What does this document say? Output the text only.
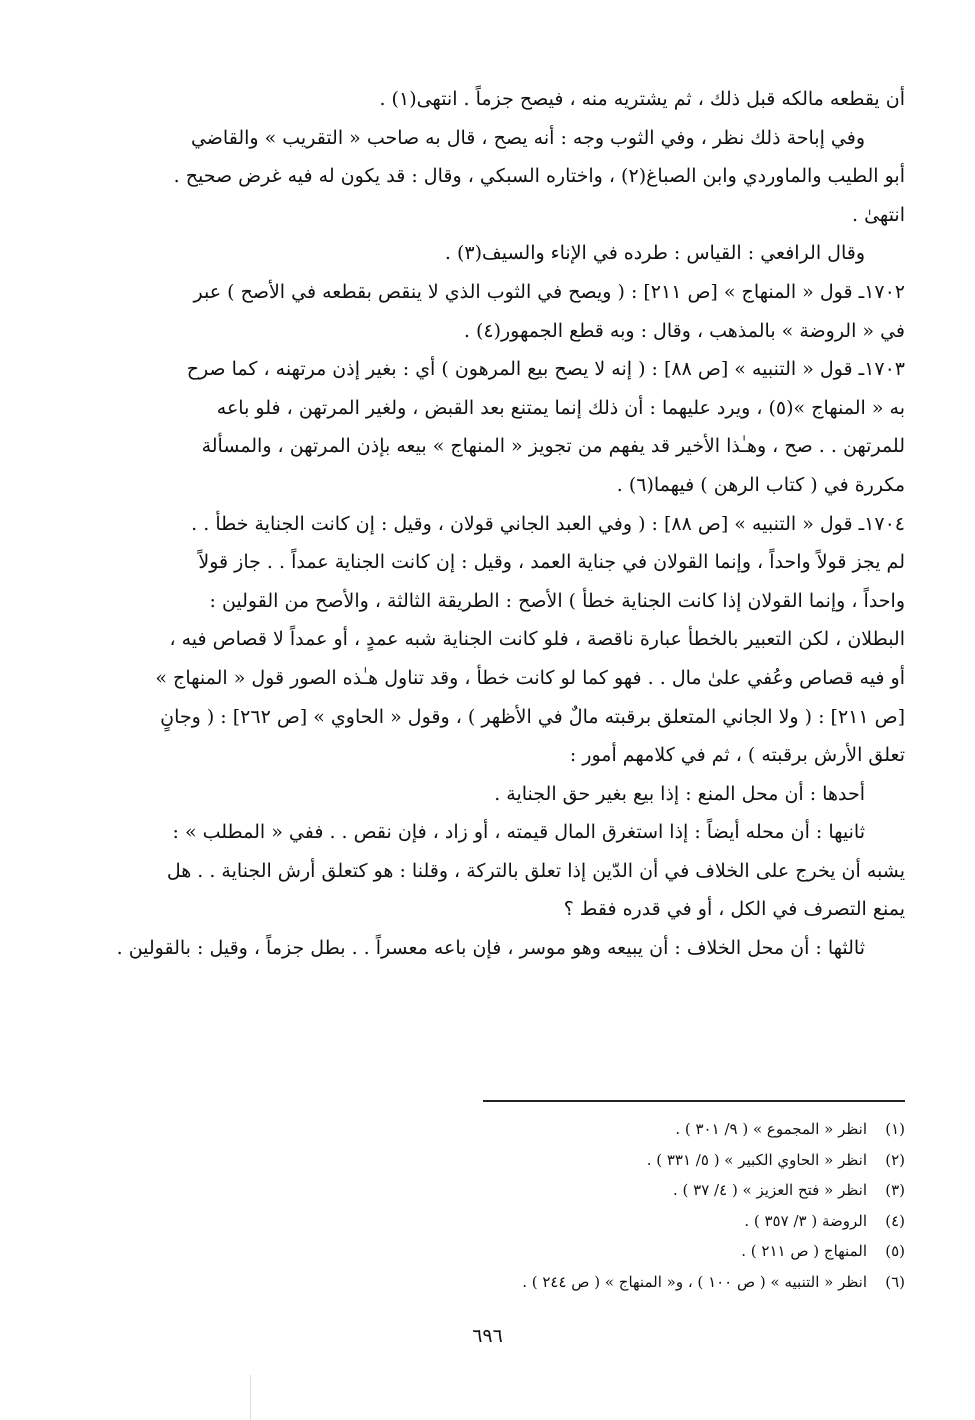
أن يقطعه مالكه قبل ذلك ، ثم يشتريه منه ، فيصح جزماً . انتهى(١) .
وفي إباحة ذلك نظر ، وفي الثوب وجه : أنه يصح ، قال به صاحب « التقريب » والقاضي
أبو الطيب والماوردي وابن الصباغ(٢) ، واختاره السبكي ، وقال : قد يكون له فيه غرض صحيح .
انتهىٰ .
وقال الرافعي : القياس : طرده في الإناء والسيف(٣) .
١٧٠٢ـ قول « المنهاج » [ص ٢١١] : ( ويصح في الثوب الذي لا ينقص بقطعه في الأصح ) عبر
في « الروضة » بالمذهب ، وقال : وبه قطع الجمهور(٤) .
١٧٠٣ـ قول « التنبيه » [ص ٨٨] : ( إنه لا يصح بيع المرهون ) أي : بغير إذن مرتهنه ، كما صرح
به « المنهاج »(٥) ، ويرد عليهما : أن ذلك إنما يمتنع بعد القبض ، ولغير المرتهن ، فلو باعه
للمرتهن . . صح ، وهـٰذا الأخير قد يفهم من تجويز « المنهاج » بيعه بإذن المرتهن ، والمسألة
مكررة في ( كتاب الرهن ) فيهما(٦) .
١٧٠٤ـ قول « التنبيه » [ص ٨٨] : ( وفي العبد الجاني قولان ، وقيل : إن كانت الجناية خطأ . .
لم يجز قولاً واحداً ، وإنما القولان في جناية العمد ، وقيل : إن كانت الجناية عمداً . . جاز قولاً
واحداً ، وإنما القولان إذا كانت الجناية خطأ ) الأصح : الطريقة الثالثة ، والأصح من القولين :
البطلان ، لكن التعبير بالخطأ عبارة ناقصة ، فلو كانت الجناية شبه عمدٍ ، أو عمداً لا قصاص فيه ،
أو فيه قصاص وعُفي علىٰ مال . . فهو كما لو كانت خطأ ، وقد تناول هـٰذه الصور قول « المنهاج »
[ص ٢١١] : ( ولا الجاني المتعلق برقبته مالٌ في الأظهر ) ، وقول « الحاوي » [ص ٢٦٢] : ( وجانٍ
تعلق الأرش برقبته ) ، ثم في كلامهم أمور :
أحدها : أن محل المنع : إذا بيع بغير حق الجناية .
ثانيها : أن محله أيضاً : إذا استغرق المال قيمته ، أو زاد ، فإن نقص . . ففي « المطلب » :
يشبه أن يخرج على الخلاف في أن الدّين إذا تعلق بالتركة ، وقلنا : هو كتعلق أرش الجناية . . هل
يمنع التصرف في الكل ، أو في قدره فقط ؟
ثالثها : أن محل الخلاف : أن يبيعه وهو موسر ، فإن باعه معسراً . . بطل جزماً ، وقيل : بالقولين .
(١)انظر « المجموع » ( ٩/ ٣٠١ ) .
(٢)انظر « الحاوي الكبير » ( ٥/ ٣٣١ ) .
(٣)انظر « فتح العزيز » ( ٤/ ٣٧ ) .
(٤)الروضة ( ٣/ ٣٥٧ ) .
(٥)المنهاج ( ص ٢١١ ) .
(٦)انظر « التنبيه » ( ص ١٠٠ ) ، و« المنهاج » ( ص ٢٤٤ ) .
٦٩٦
